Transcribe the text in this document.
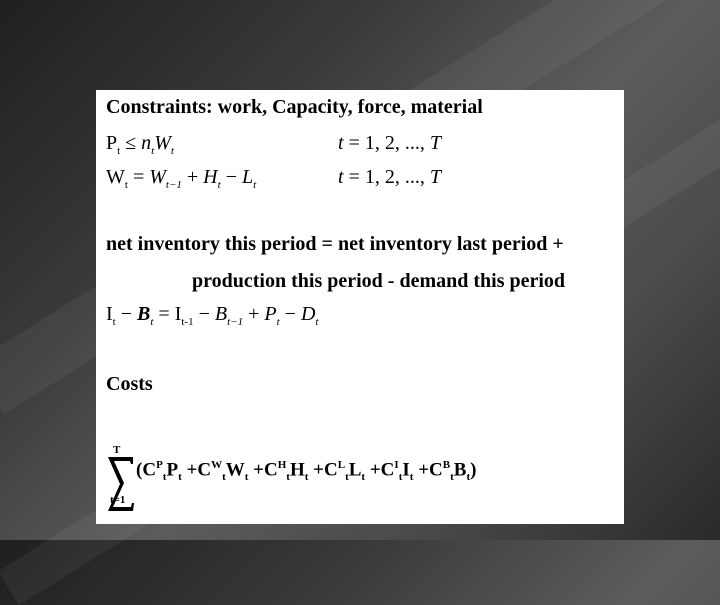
Constraints: work, Capacity, force, material
$P_t \le n_tW_t$	t = 1, 2, ..., T
$W_t = W_{t-1} + H_t - L_t$	t = 1, 2, ..., T
net inventory this period = net inventory last period +
production this period - demand this period
$I_t - B_t = I_{t-1} - B_{t-1} + P_t - D_t$
Costs
T
t=1
$(C^P_tP_t +C^W_tW_t +C^H_tH_t +C^L_tL_t +C^I_tI_t +C^B_tB_t)$
